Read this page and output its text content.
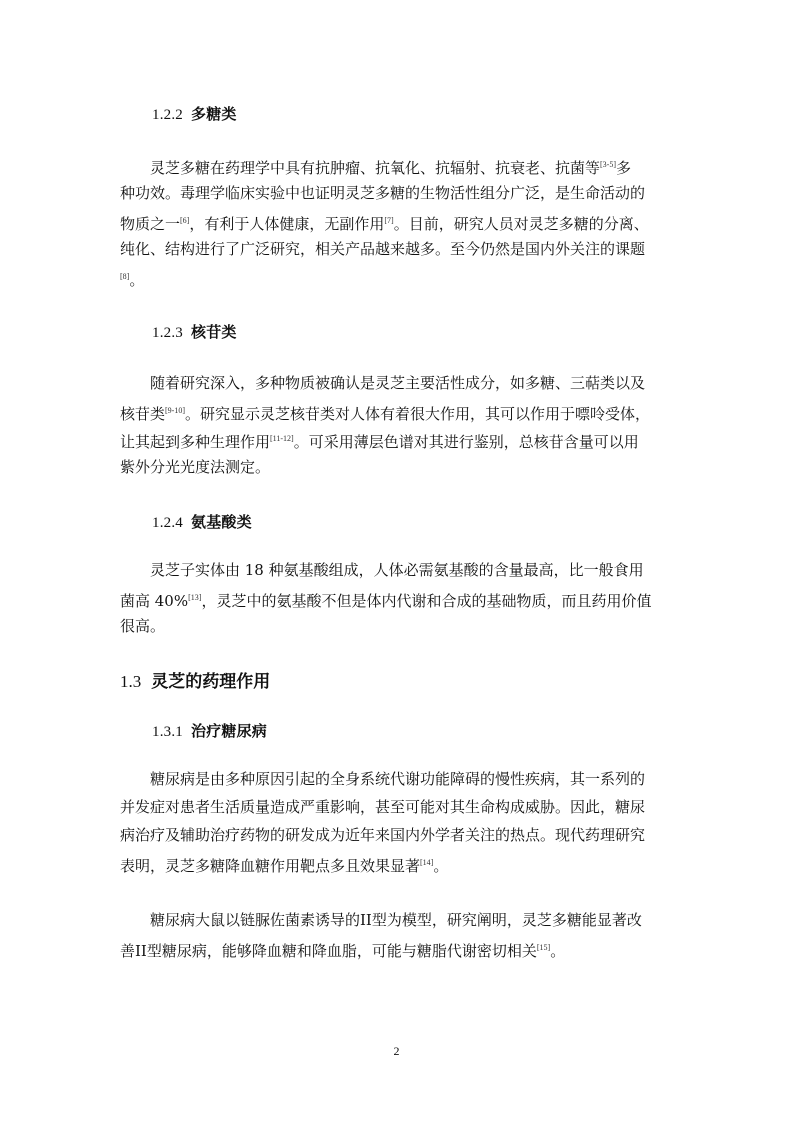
1.2.2 多糖类
灵芝多糖在药理学中具有抗肿瘤、抗氧化、抗辐射、抗衰老、抗菌等[3-5]多
种功效。毒理学临床实验中也证明灵芝多糖的生物活性组分广泛，是生命活动的
物质之一[6]，有利于人体健康，无副作用[7]。目前，研究人员对灵芝多糖的分离、
纯化、结构进行了广泛研究，相关产品越来越多。至今仍然是国内外关注的课题
[8]。
1.2.3 核苷类
随着研究深入，多种物质被确认是灵芝主要活性成分，如多糖、三萜类以及
核苷类[9-10]。研究显示灵芝核苷类对人体有着很大作用，其可以作用于嘌呤受体，
让其起到多种生理作用[11-12]。可采用薄层色谱对其进行鉴别，总核苷含量可以用
紫外分光光度法测定。
1.2.4 氨基酸类
灵芝子实体由 18 种氨基酸组成，人体必需氨基酸的含量最高，比一般食用
菌高 40%[13]，灵芝中的氨基酸不但是体内代谢和合成的基础物质，而且药用价值
很高。
1.3 灵芝的药理作用
1.3.1 治疗糖尿病
糖尿病是由多种原因引起的全身系统代谢功能障碍的慢性疾病，其一系列的
并发症对患者生活质量造成严重影响，甚至可能对其生命构成威胁。因此，糖尿
病治疗及辅助治疗药物的研发成为近年来国内外学者关注的热点。现代药理研究
表明，灵芝多糖降血糖作用靶点多且效果显著[14]。
糖尿病大鼠以链脲佐菌素诱导的II型为模型，研究阐明，灵芝多糖能显著改
善II型糖尿病，能够降血糖和降血脂，可能与糖脂代谢密切相关[15]。
2
